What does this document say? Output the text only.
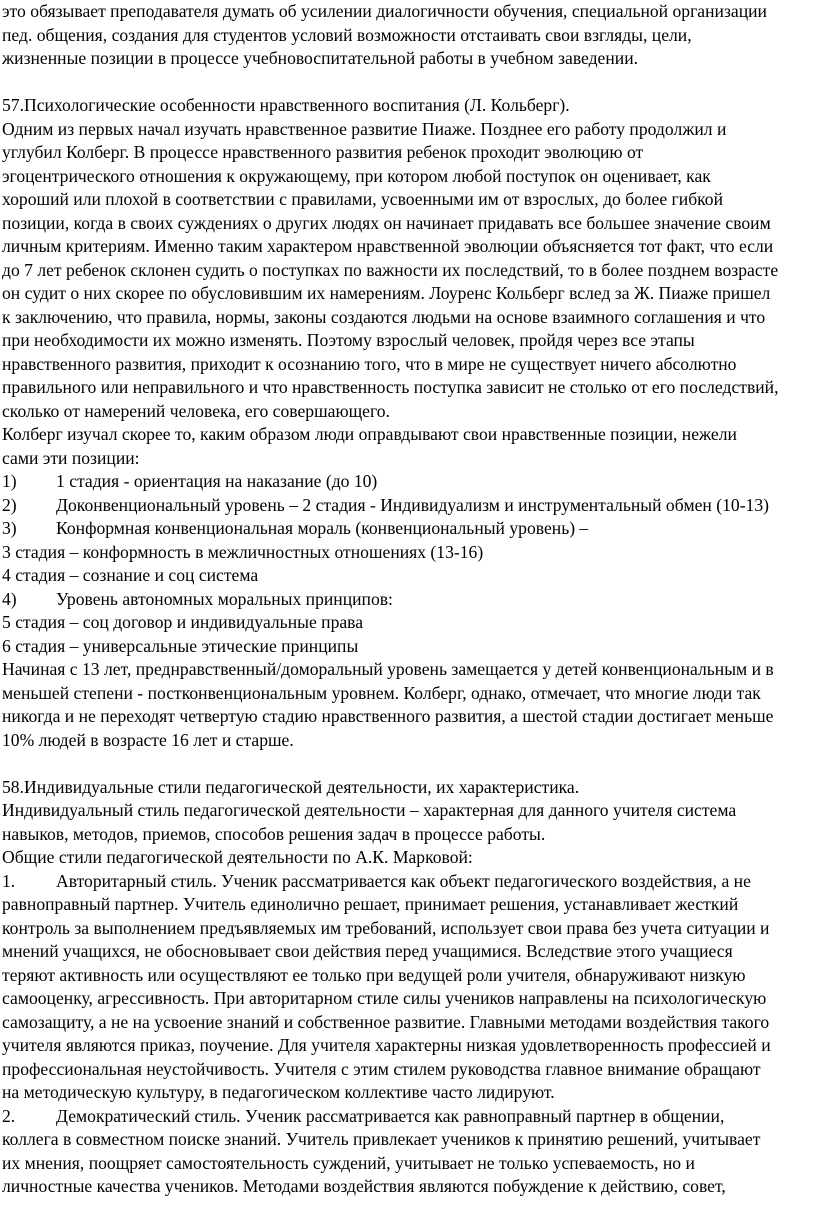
это обязывает преподавателя думать об усилении диалогичности обучения, специальной организации
пед. общения, создания для студентов условий возможности отстаивать свои взгляды, цели,
жизненные позиции в процессе учебновоспитательной работы в учебном заведении.
57.Психологические особенности нравственного воспитания (Л. Кольберг).
Одним из первых начал изучать нравственное развитие Пиаже. Позднее его работу продолжил и
углубил Колберг. В процессе нравственного развития ребенок проходит эволюцию от
эгоцентрического отношения к окружающему, при котором любой поступок он оценивает, как
хороший или плохой в соответствии с правилами, усвоенными им от взрослых, до более гибкой
позиции, когда в своих суждениях о других людях он начинает придавать все большее значение своим
личным критериям. Именно таким характером нравственной эволюции объясняется тот факт, что если
до 7 лет ребенок склонен судить о поступках по важности их последствий, то в более позднем возрасте
он судит о них скорее по обусловившим их намерениям. Лоуренс Кольберг вслед за Ж. Пиаже пришел
к заключению, что правила, нормы, законы создаются людьми на основе взаимного соглашения и что
при необходимости их можно изменять. Поэтому взрослый человек, пройдя через все этапы
нравственного развития, приходит к осознанию того, что в мире не существует ничего абсолютно
правильного или неправильного и что нравственность поступка зависит не столько от его последствий,
сколько от намерений человека, его совершающего.
Колберг изучал скорее то, каким образом люди оправдывают свои нравственные позиции, нежели
сами эти позиции:
1) 1 стадия - ориентация на наказание (до 10)
2) Доконвенциональный уровень – 2 стадия - Индивидуализм и инструментальный обмен (10-13)
3) Конформная конвенциональная мораль (конвенциональный уровень) –
3 стадия – конформность в межличностных отношениях (13-16)
4 стадия – сознание и соц система
4) Уровень автономных моральных принципов:
5 стадия – соц договор и индивидуальные права
6 стадия – универсальные этические принципы
Начиная с 13 лет, преднравственный/доморальный уровень замещается у детей конвенциональным и в
меньшей степени - постконвенциональным уровнем. Колберг, однако, отмечает, что многие люди так
никогда и не переходят четвертую стадию нравственного развития, а шестой стадии достигает меньше
10% людей в возрасте 16 лет и старше.
58.Индивидуальные стили педагогической деятельности, их характеристика.
Индивидуальный стиль педагогической деятельности – характерная для данного учителя система
навыков, методов, приемов, способов решения задач в процессе работы.
Общие стили педагогической деятельности по А.К. Марковой:
1. Авторитарный стиль. Ученик рассматривается как объект педагогического воздействия, а не
равноправный партнер. Учитель единолично решает, принимает решения, устанавливает жесткий
контроль за выполнением предъявляемых им требований, использует свои права без учета ситуации и
мнений учащихся, не обосновывает свои действия перед учащимися. Вследствие этого учащиеся
теряют активность или осуществляют ее только при ведущей роли учителя, обнаруживают низкую
самооценку, агрессивность. При авторитарном стиле силы учеников направлены на психологическую
самозащиту, а не на усвоение знаний и собственное развитие. Главными методами воздействия такого
учителя являются приказ, поучение. Для учителя характерны низкая удовлетворенность профессией и
профессиональная неустойчивость. Учителя с этим стилем руководства главное внимание обращают
на методическую культуру, в педагогическом коллективе часто лидируют.
2. Демократический стиль. Ученик рассматривается как равноправный партнер в общении,
коллега в совместном поиске знаний. Учитель привлекает учеников к принятию решений, учитывает
их мнения, поощряет самостоятельность суждений, учитывает не только успеваемость, но и
личностные качества учеников. Методами воздействия являются побуждение к действию, совет,
